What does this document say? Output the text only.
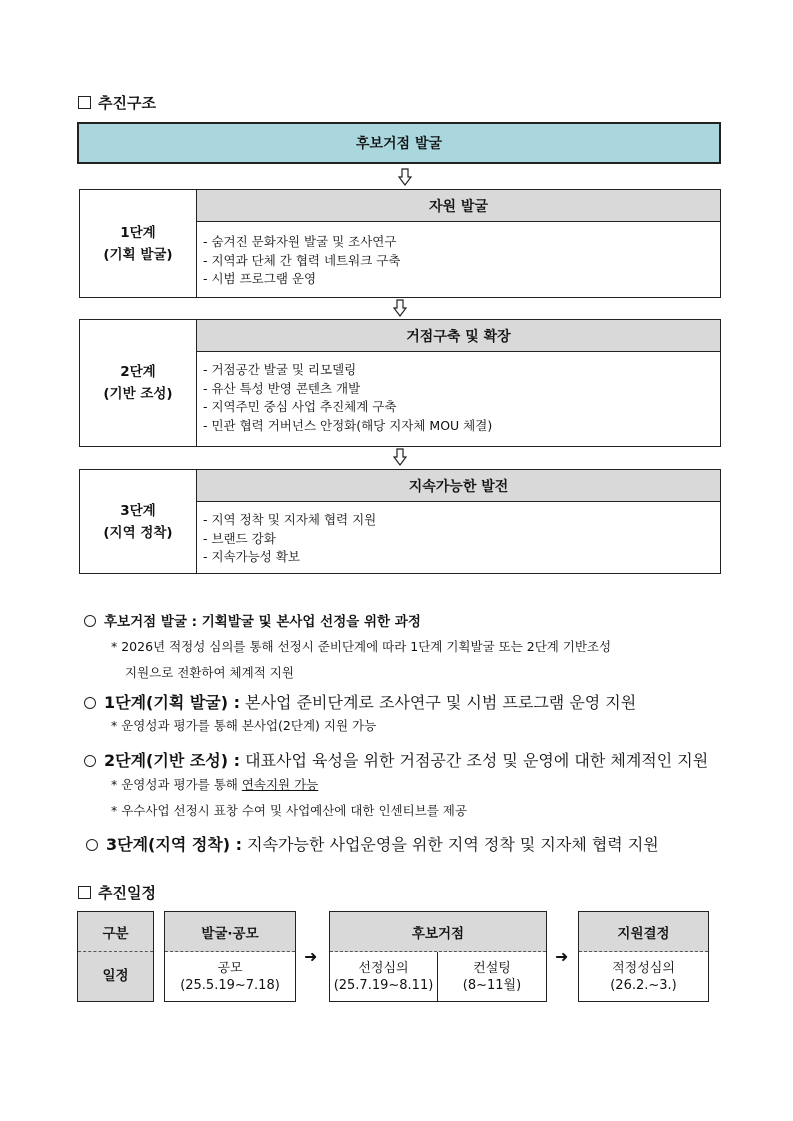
추진구조
후보거점 발굴
1단계
(기획 발굴)
자원 발굴
- 숨겨진 문화자원 발굴 및 조사연구
- 지역과 단체 간 협력 네트워크 구축
- 시범 프로그램 운영
2단계
(기반 조성)
거점구축 및 확장
- 거점공간 발굴 및 리모델링
- 유산 특성 반영 콘텐츠 개발
- 지역주민 중심 사업 추진체계 구축
- 민관 협력 거버넌스 안정화(해당 지자체 MOU 체결)
3단계
(지역 정착)
지속가능한 발전
- 지역 정착 및 지자체 협력 지원
- 브랜드 강화
- 지속가능성 확보
후보거점 발굴 : 기획발굴 및 본사업 선정을 위한 과정
* 2026년 적정성 심의를 통해 선정시 준비단계에 따라 1단계 기획발굴 또는 2단계 기반조성
지원으로 전환하여 체계적 지원
1단계(기획 발굴) : 본사업 준비단계로 조사연구 및 시범 프로그램 운영 지원
* 운영성과 평가를 통해 본사업(2단계) 지원 가능
2단계(기반 조성) : 대표사업 육성을 위한 거점공간 조성 및 운영에 대한 체계적인 지원
* 운영성과 평가를 통해 연속지원 가능
* 우수사업 선정시 표창 수여 및 사업예산에 대한 인센티브를 제공
3단계(지역 정착) : 지속가능한 사업운영을 위한 지역 정착 및 지자체 협력 지원
추진일정
구분
일정
발굴·공모
공모
(25.5.19~7.18)
➜
후보거점
선정심의
(25.7.19~8.11)
컨설팅
(8~11월)
➜
지원결정
적정성심의
(26.2.~3.)
